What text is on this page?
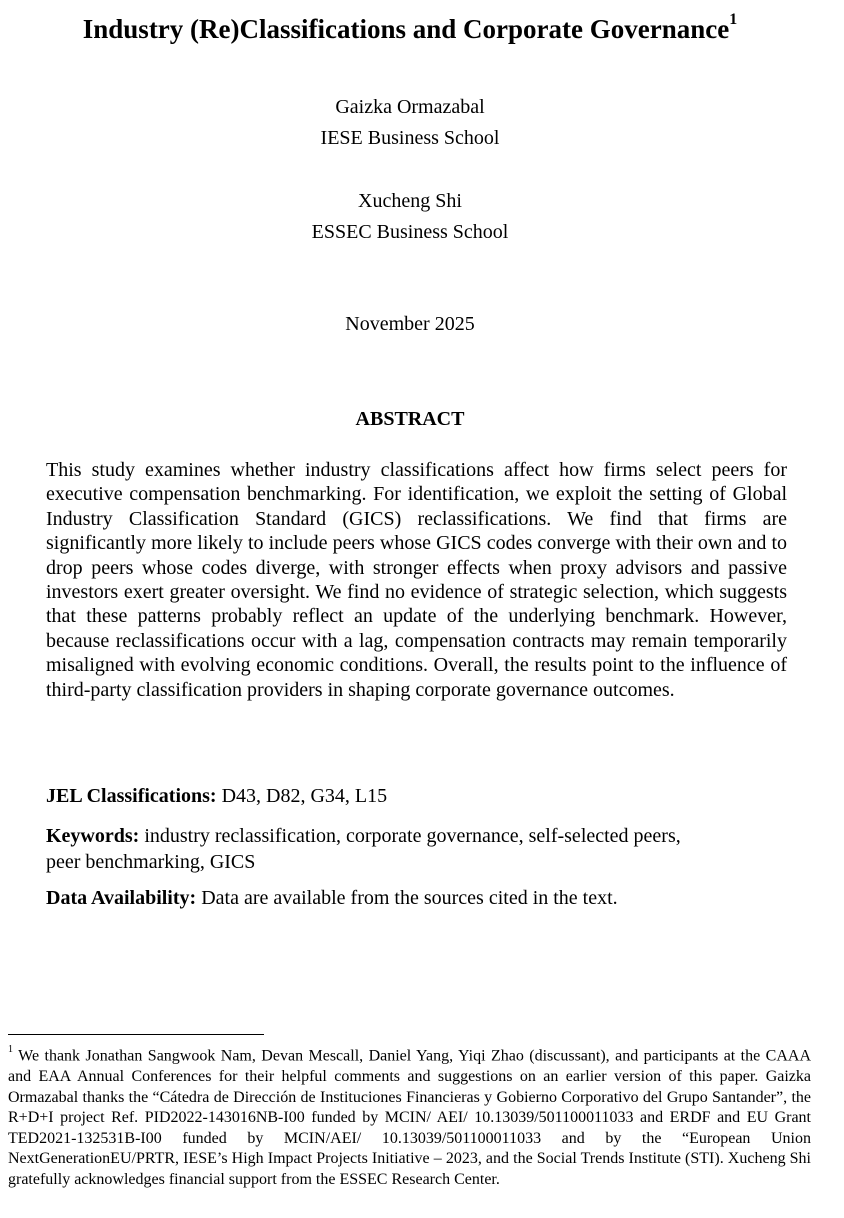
Industry (Re)Classifications and Corporate Governance$^1$
Gaizka Ormazabal
IESE Business School
Xucheng Shi
ESSEC Business School
November 2025
ABSTRACT

This study examines whether industry classifications affect how firms select peers for executive compensation benchmarking. For identification, we exploit the setting of Global Industry Classification Standard (GICS) reclassifications. We find that firms are significantly more likely to include peers whose GICS codes converge with their own and to drop peers whose codes diverge, with stronger effects when proxy advisors and passive investors exert greater oversight. We find no evidence of strategic selection, which suggests that these patterns probably reflect an update of the underlying benchmark. However, because reclassifications occur with a lag, compensation contracts may remain temporarily misaligned with evolving economic conditions. Overall, the results point to the influence of third-party classification providers in shaping corporate governance outcomes.

JEL Classifications: D43, D82, G34, L15

Keywords: industry reclassification, corporate governance, self-selected peers,
peer benchmarking, GICS

Data Availability: Data are available from the sources cited in the text.

$^1$ We thank Jonathan Sangwook Nam, Devan Mescall, Daniel Yang, Yiqi Zhao (discussant), and participants at the CAAA and EAA Annual Conferences for their helpful comments and suggestions on an earlier version of this paper. Gaizka Ormazabal thanks the “Cátedra de Dirección de Instituciones Financieras y Gobierno Corporativo del Grupo Santander”, the R+D+I project Ref. PID2022-143016NB-I00 funded by MCIN/ AEI/ 10.13039/501100011033 and ERDF and EU Grant TED2021-132531B-I00 funded by MCIN/AEI/ 10.13039/501100011033 and by the “European Union NextGenerationEU/PRTR, IESE’s High Impact Projects Initiative – 2023, and the Social Trends Institute (STI). Xucheng Shi gratefully acknowledges financial support from the ESSEC Research Center.
